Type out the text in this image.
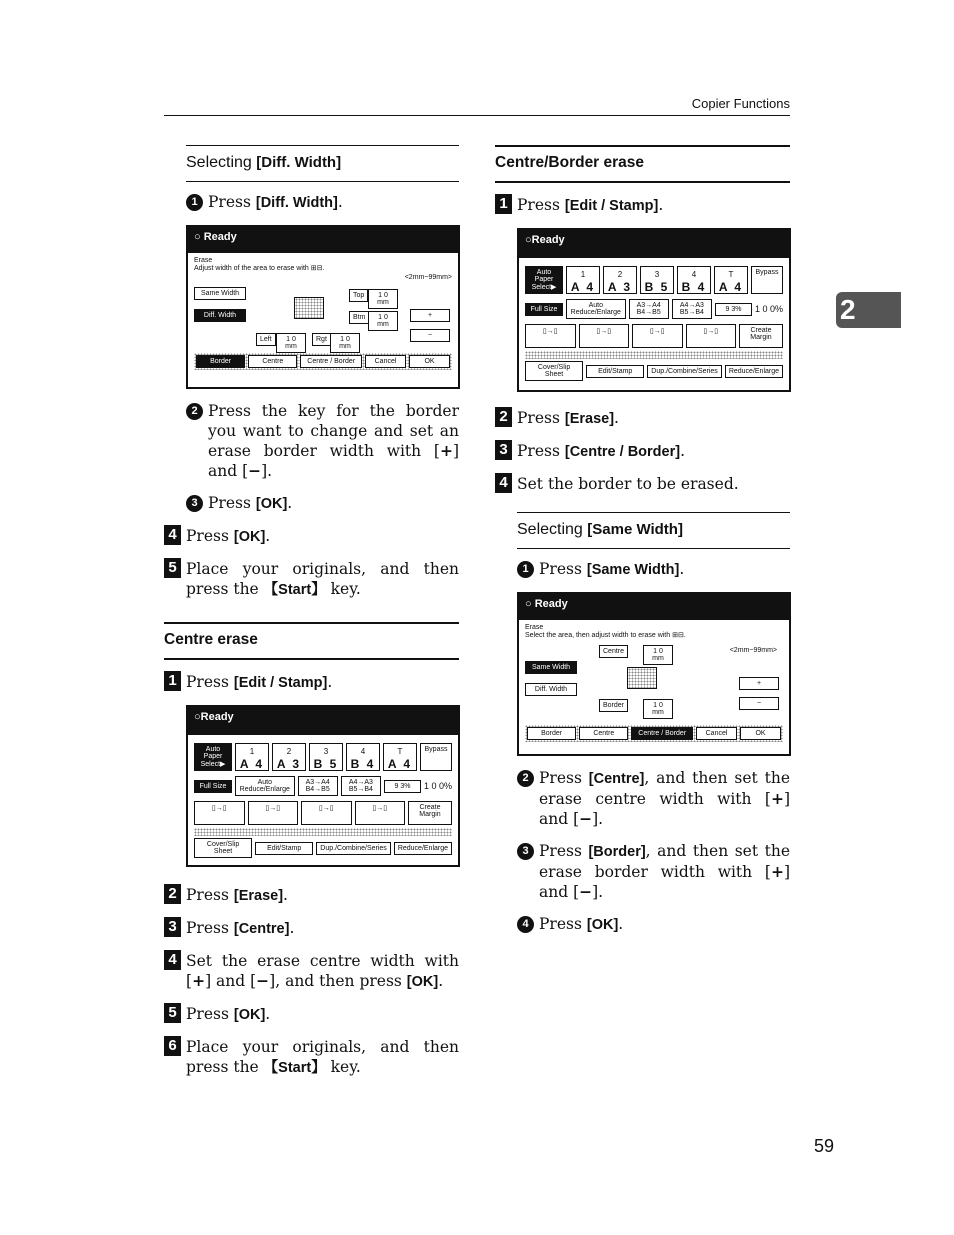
Copier Functions
2
Selecting [Diff. Width]
1 Press [Diff. Width].
○ Ready
Erase
Adjust width of the area to erase with ⊞⊟.
<2mm~99mm>
Same Width
Diff. Width
Top	1 0 mm
Btm	1 0 mm
Left	1 0 mm
Rgt	1 0 mm
+
−
Border	Centre	Centre / Border	Cancel	OK
2 Press the key for the border you want to change and set an erase border width with [+] and [−].
3 Press [OK].
4 Press [OK].
5 Place your originals, and then press the 【Start】 key.
Centre erase
1 Press [Edit / Stamp].
○Ready
Auto Paper Select▶
1
A 4
2
A 3
3
B 5
4
B 4
T
A 4
Bypass
Full Size	Auto Reduce/Enlarge
A3→A4 B4→B5
A4→A3 B5→B4	9 3%	1 0 0%
▯→▯	▯→▯	▯→▯	▯→▯	Create Margin
Cover/Slip Sheet	Edit/Stamp	Dup./Combine/Series	Reduce/Enlarge
2 Press [Erase].
3 Press [Centre].
4 Set the erase centre width with [+] and [−], and then press [OK].
5 Press [OK].
6 Place your originals, and then press the 【Start】 key.
Centre/Border erase
1 Press [Edit / Stamp].
○Ready
Auto Paper Select▶
1
A 4
2
A 3
3
B 5
4
B 4
T
A 4
Bypass
Full Size	Auto Reduce/Enlarge
A3→A4 B4→B5
A4→A3 B5→B4	9 3%	1 0 0%
▯→▯	▯→▯	▯→▯	▯→▯	Create Margin
Cover/Slip Sheet	Edit/Stamp	Dup./Combine/Series	Reduce/Enlarge
2 Press [Erase].
3 Press [Centre / Border].
4 Set the border to be erased.
Selecting [Same Width]
1 Press [Same Width].
○ Ready
Erase
Select the area, then adjust width to erase with ⊞⊟.
Centre	1 0 mm
<2mm~99mm>
Same Width
Diff. Width
Border	1 0 mm
+
−
Border	Centre	Centre / Border	Cancel	OK
2 Press [Centre], and then set the erase centre width with [+] and [−].
3 Press [Border], and then set the erase border width with [+] and [−].
4 Press [OK].
59
